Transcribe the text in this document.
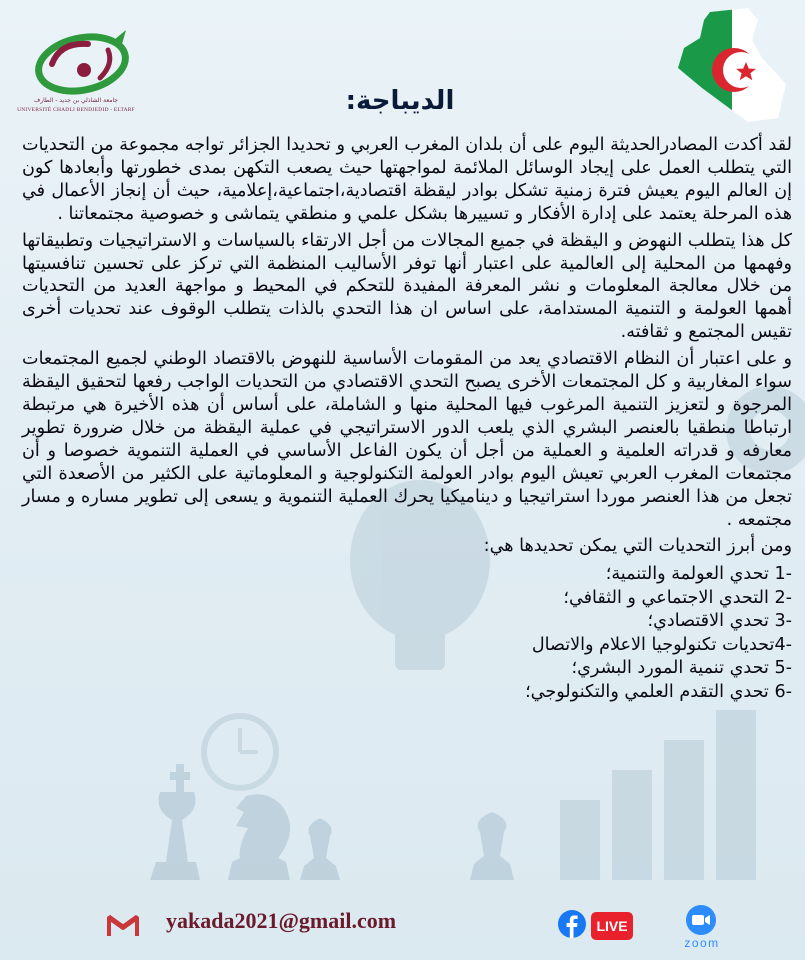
جامعة الشاذلي بن جديد - الطارف
UNIVERSITÉ CHADLI BENDJEDID - ELTARF	الديباجة:

لقد أكدت المصادرالحديثة اليوم على أن بلدان المغرب العربي و تحديدا الجزائر تواجه مجموعة من التحديات التي يتطلب العمل على إيجاد الوسائل الملائمة لمواجهتها حيث يصعب التكهن بمدى خطورتها وأبعادها كون إن العالم اليوم يعيش فترة زمنية تشكل بوادر ليقظة اقتصادية،اجتماعية،إعلامية، حيث أن إنجاز الأعمال في هذه المرحلة يعتمد على إدارة الأفكار و تسييرها بشكل علمي و منطقي يتماشى و خصوصية مجتمعاتنا .

كل هذا يتطلب النهوض و اليقظة في جميع المجالات من أجل الارتقاء بالسياسات و الاستراتيجيات وتطبيقاتها وفهمها من المحلية إلى العالمية على اعتبار أنها توفر الأساليب المنظمة التي تركز على تحسين تنافسيتها من خلال معالجة المعلومات و نشر المعرفة المفيدة للتحكم في المحيط و مواجهة العديد من التحديات أهمها العولمة و التنمية المستدامة، على اساس ان هذا التحدي بالذات يتطلب الوقوف عند تحديات أخرى تقيس المجتمع و ثقافته.

و على اعتبار أن النظام الاقتصادي يعد من المقومات الأساسية للنهوض بالاقتصاد الوطني لجميع المجتمعات سواء المغاربية و كل المجتمعات الأخرى يصبح التحدي الاقتصادي من التحديات الواجب رفعها لتحقيق اليقظة المرجوة و لتعزيز التنمية المرغوب فيها المحلية منها و الشاملة، على أساس أن هذه الأخيرة هي مرتبطة ارتباطا منطقيا بالعنصر البشري الذي يلعب الدور الاستراتيجي في عملية اليقظة من خلال ضرورة تطوير معارفه و قدراته العلمية و العملية من أجل أن يكون الفاعل الأساسي في العملية التنموية خصوصا و أن مجتمعات المغرب العربي تعيش اليوم بوادر العولمة التكنولوجية و المعلوماتية على الكثير من الأصعدة التي تجعل من هذا العنصر موردا استراتيجيا و ديناميكيا يحرك العملية التنموية و يسعى إلى تطوير مساره و مسار مجتمعه .

ومن أبرز التحديات التي يمكن تحديدها هي:

-1 تحدي العولمة والتنمية؛
-2 التحدي الاجتماعي و الثقافي؛
-3 تحدي الاقتصادي؛
-4تحديات تكنولوجيا الاعلام والاتصال
-5 تحدي تنمية المورد البشري؛
-6 تحدي التقدم العلمي والتكنولوجي؛
yakada2021@gmail.com	LIVE
zoom
